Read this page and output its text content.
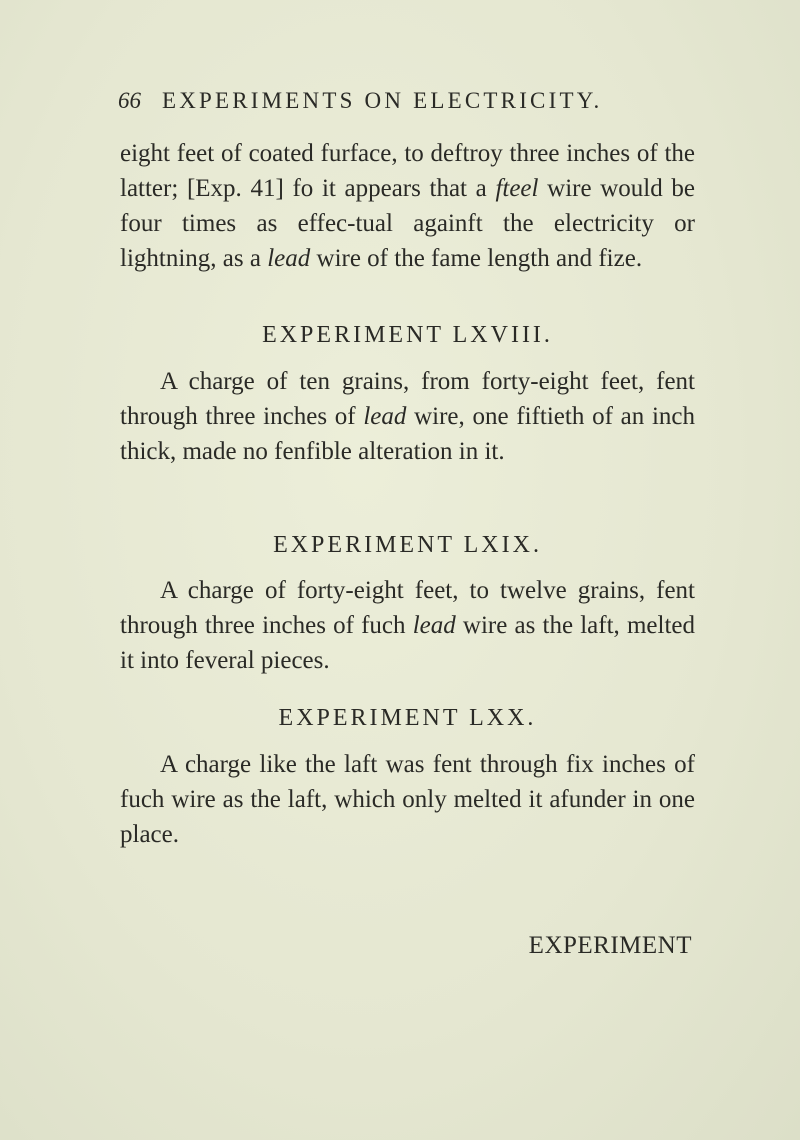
66 EXPERIMENTS ON ELECTRICITY.

eight feet of coated furface, to deftroy three inches of the latter; [Exp. 41] fo it appears that a fteel wire would be four times as effec-tual againft the electricity or lightning, as a lead wire of the fame length and fize.

EXPERIMENT LXVIII.

A charge of ten grains, from forty-eight feet, fent through three inches of lead wire, one fiftieth of an inch thick, made no fenfible alteration in it.

EXPERIMENT LXIX.

A charge of forty-eight feet, to twelve grains, fent through three inches of fuch lead wire as the laft, melted it into feveral pieces.

EXPERIMENT LXX.

A charge like the laft was fent through fix inches of fuch wire as the laft, which only melted it afunder in one place.

EXPERIMENT
